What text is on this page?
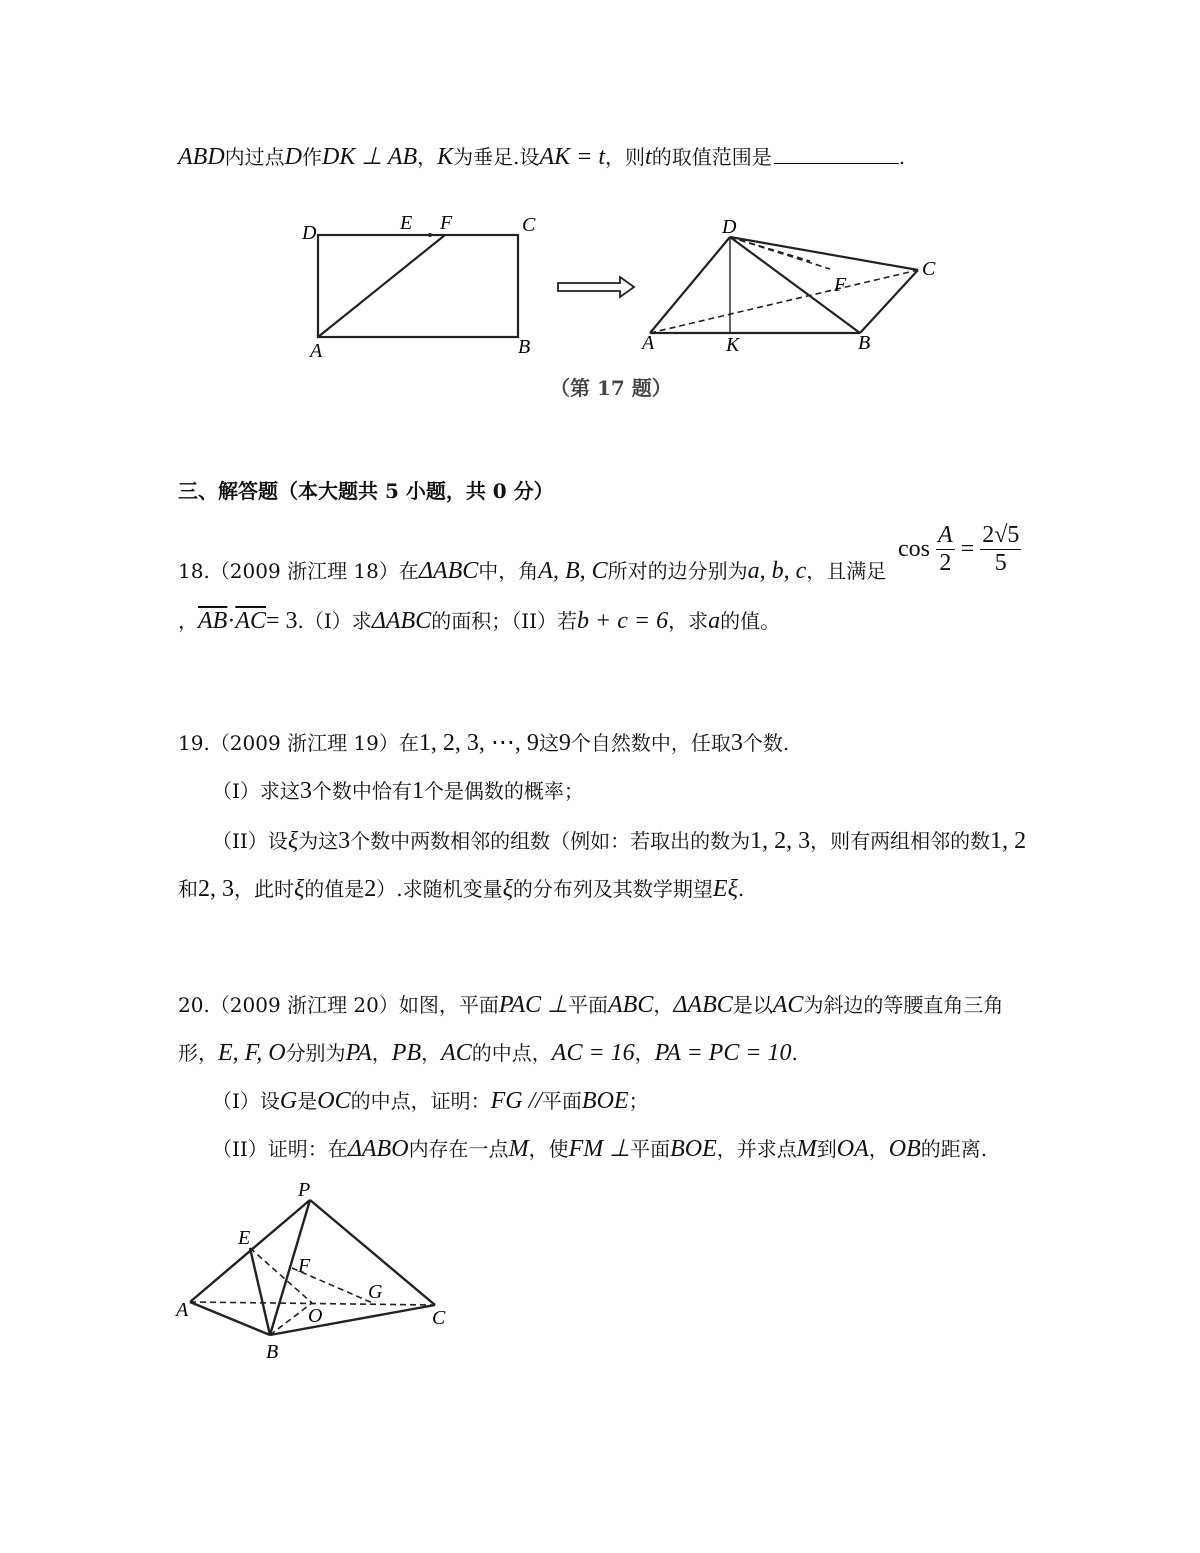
ABD内过点D作DK ⊥ AB，K为垂足.设AK = t，则t的取值范围是	.
D	E F	C
A	B
D
C
F
A	K	B
（第 17 题）
三、解答题（本大题共 5 小题，共 0 分）
18.（2009 浙江理 18）在ΔABC中，角A, B, C所对的边分别为a, b, c，且满足
$\cos \frac{A}{2} = \frac{2√5}{5}$
，$\overline{AB}\cdot\overline{AC}= 3.(I)$求ΔABC的面积；（II）若b + c = 6，求a的值。
19.（2009 浙江理 19）在1, 2, 3, ⋯, 9这9个自然数中，任取3个数.
（I）求这3个数中恰有1个是偶数的概率；
（II）设ξ为这3个数中两数相邻的组数（例如：若取出的数为1, 2, 3，则有两组相邻的数1, 2
和2, 3，此时ξ的值是2）.求随机变量ξ的分布列及其数学期望Eξ.
20.（2009 浙江理 20）如图，平面PAC ⊥平面ABC，ΔABC是以AC为斜边的等腰直角三角
形，E, F, O分别为PA，PB，AC的中点，AC = 16，PA = PC = 10.
（I）设G是OC的中点，证明：FG //平面BOE；
（II）证明：在ΔABO内存在一点M，使FM ⊥平面BOE，并求点M到OA，OB的距离.
P
E
F
G
A	O	C
B
